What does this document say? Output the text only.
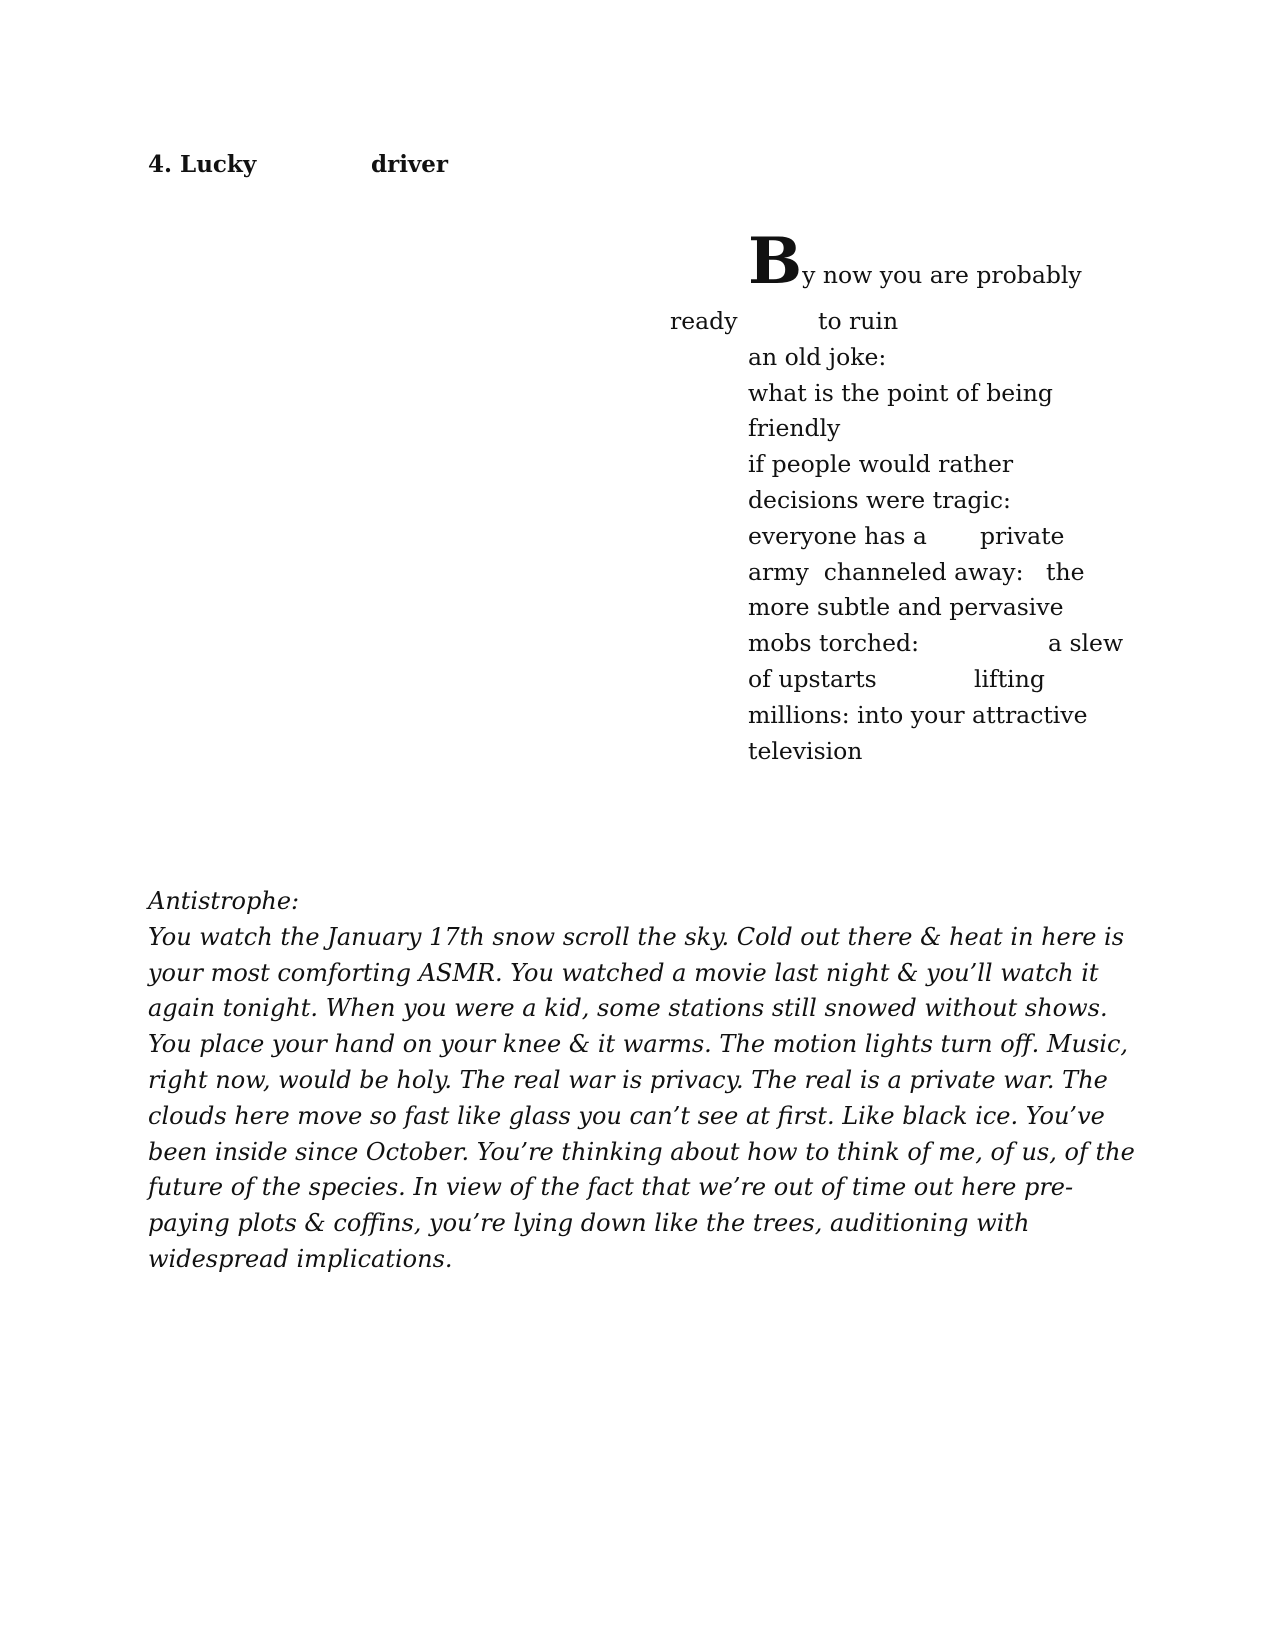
4. Lucky	driver
By now you are probably
ready	to ruin
an old joke:
what is the point of being
friendly
if people would rather
decisions were tragic:
everyone has a private
army  channeled away: the
more subtle and pervasive
mobs torched:	a slew
of upstarts	lifting
millions: into your attractive
television
Antistrophe:
You watch the January 17th snow scroll the sky. Cold out there & heat in here is
your most comforting ASMR. You watched a movie last night & you’ll watch it
again tonight. When you were a kid, some stations still snowed without shows.
You place your hand on your knee & it warms. The motion lights turn off. Music,
right now, would be holy. The real war is privacy. The real is a private war. The
clouds here move so fast like glass you can’t see at first. Like black ice. You’ve
been inside since October. You’re thinking about how to think of me, of us, of the
future of the species. In view of the fact that we’re out of time out here pre-
paying plots & coffins, you’re lying down like the trees, auditioning with
widespread implications.
